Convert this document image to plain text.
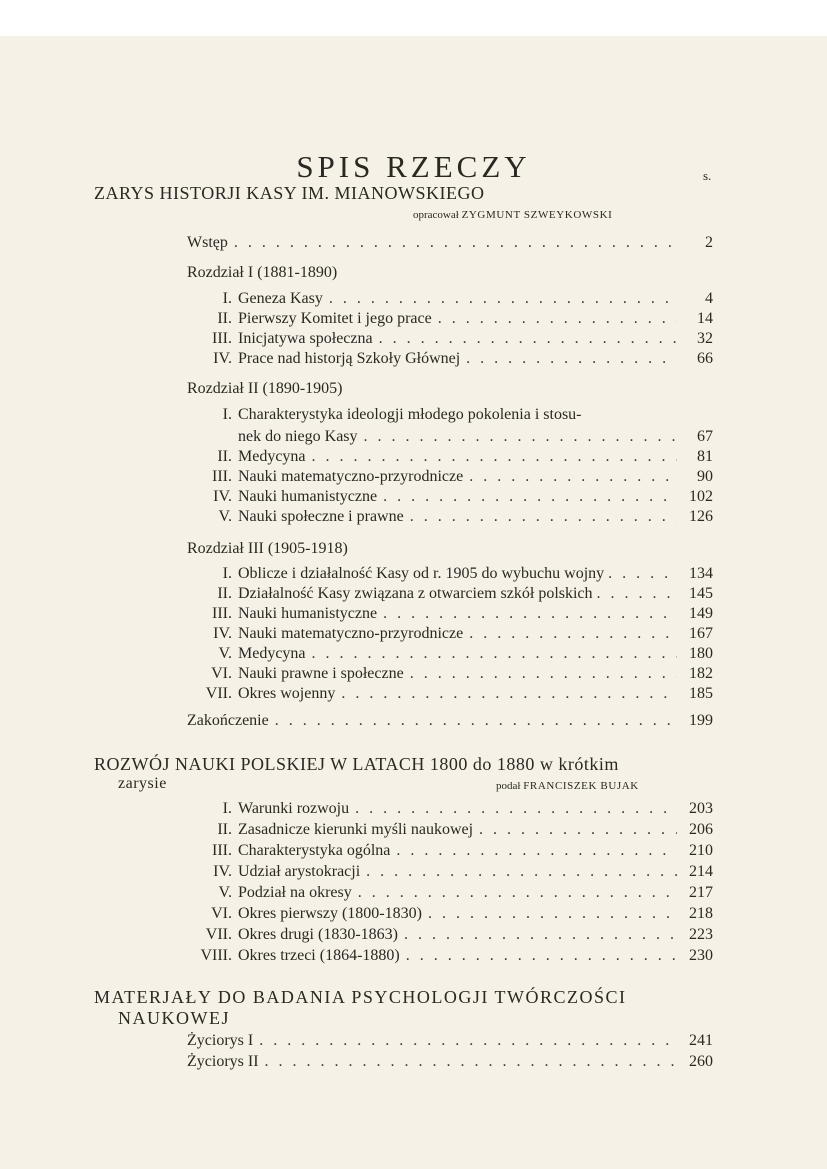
SPIS RZECZY	s.
ZARYS HISTORJI KASY IM. MIANOWSKIEGO
opracował ZYGMUNT SZWEYKOWSKI
Wstęp . . .	2
Rozdział I (1881-1890)
I. Geneza Kasy . . .	4
II. Pierwszy Komitet i jego prace . . .	14
III. Inicjatywa społeczna . . .	32
IV. Prace nad historją Szkoły Głównej . . .	66
Rozdział II (1890-1905)
I. Charakterystyka ideologji młodego pokolenia i stosu-
nek do niego Kasy . . .	67
II. Medycyna . . .	81
III. Nauki matematyczno-przyrodnicze . . .	90
IV. Nauki humanistyczne . . .	102
V. Nauki społeczne i prawne . . .	126
Rozdział III (1905-1918)
I. Oblicze i działalność Kasy od r. 1905 do wybuchu wojny . . .	134
II. Działalność Kasy związana z otwarciem szkół polskich . . .	145
III. Nauki humanistyczne . . .	149
IV. Nauki matematyczno-przyrodnicze . . .	167
V. Medycyna . . .	180
VI. Nauki prawne i społeczne . . .	182
VII. Okres wojenny . . .	185
Zakończenie . . .	199
ROZWÓJ NAUKI POLSKIEJ W LATACH 1800 do 1880 w krótkim
zarysie	podał FRANCISZEK BUJAK
I. Warunki rozwoju . . .	203
II. Zasadnicze kierunki myśli naukowej . . .	206
III. Charakterystyka ogólna . . .	210
IV. Udział arystokracji . . .	214
V. Podział na okresy . . .	217
VI. Okres pierwszy (1800-1830) . . .	218
VII. Okres drugi (1830-1863) . . .	223
VIII. Okres trzeci (1864-1880) . . .	230
MATERJAŁY DO BADANIA PSYCHOLOGJI TWÓRCZOŚCI
NAUKOWEJ
Życiorys I . . .	241
Życiorys II . . .	260
